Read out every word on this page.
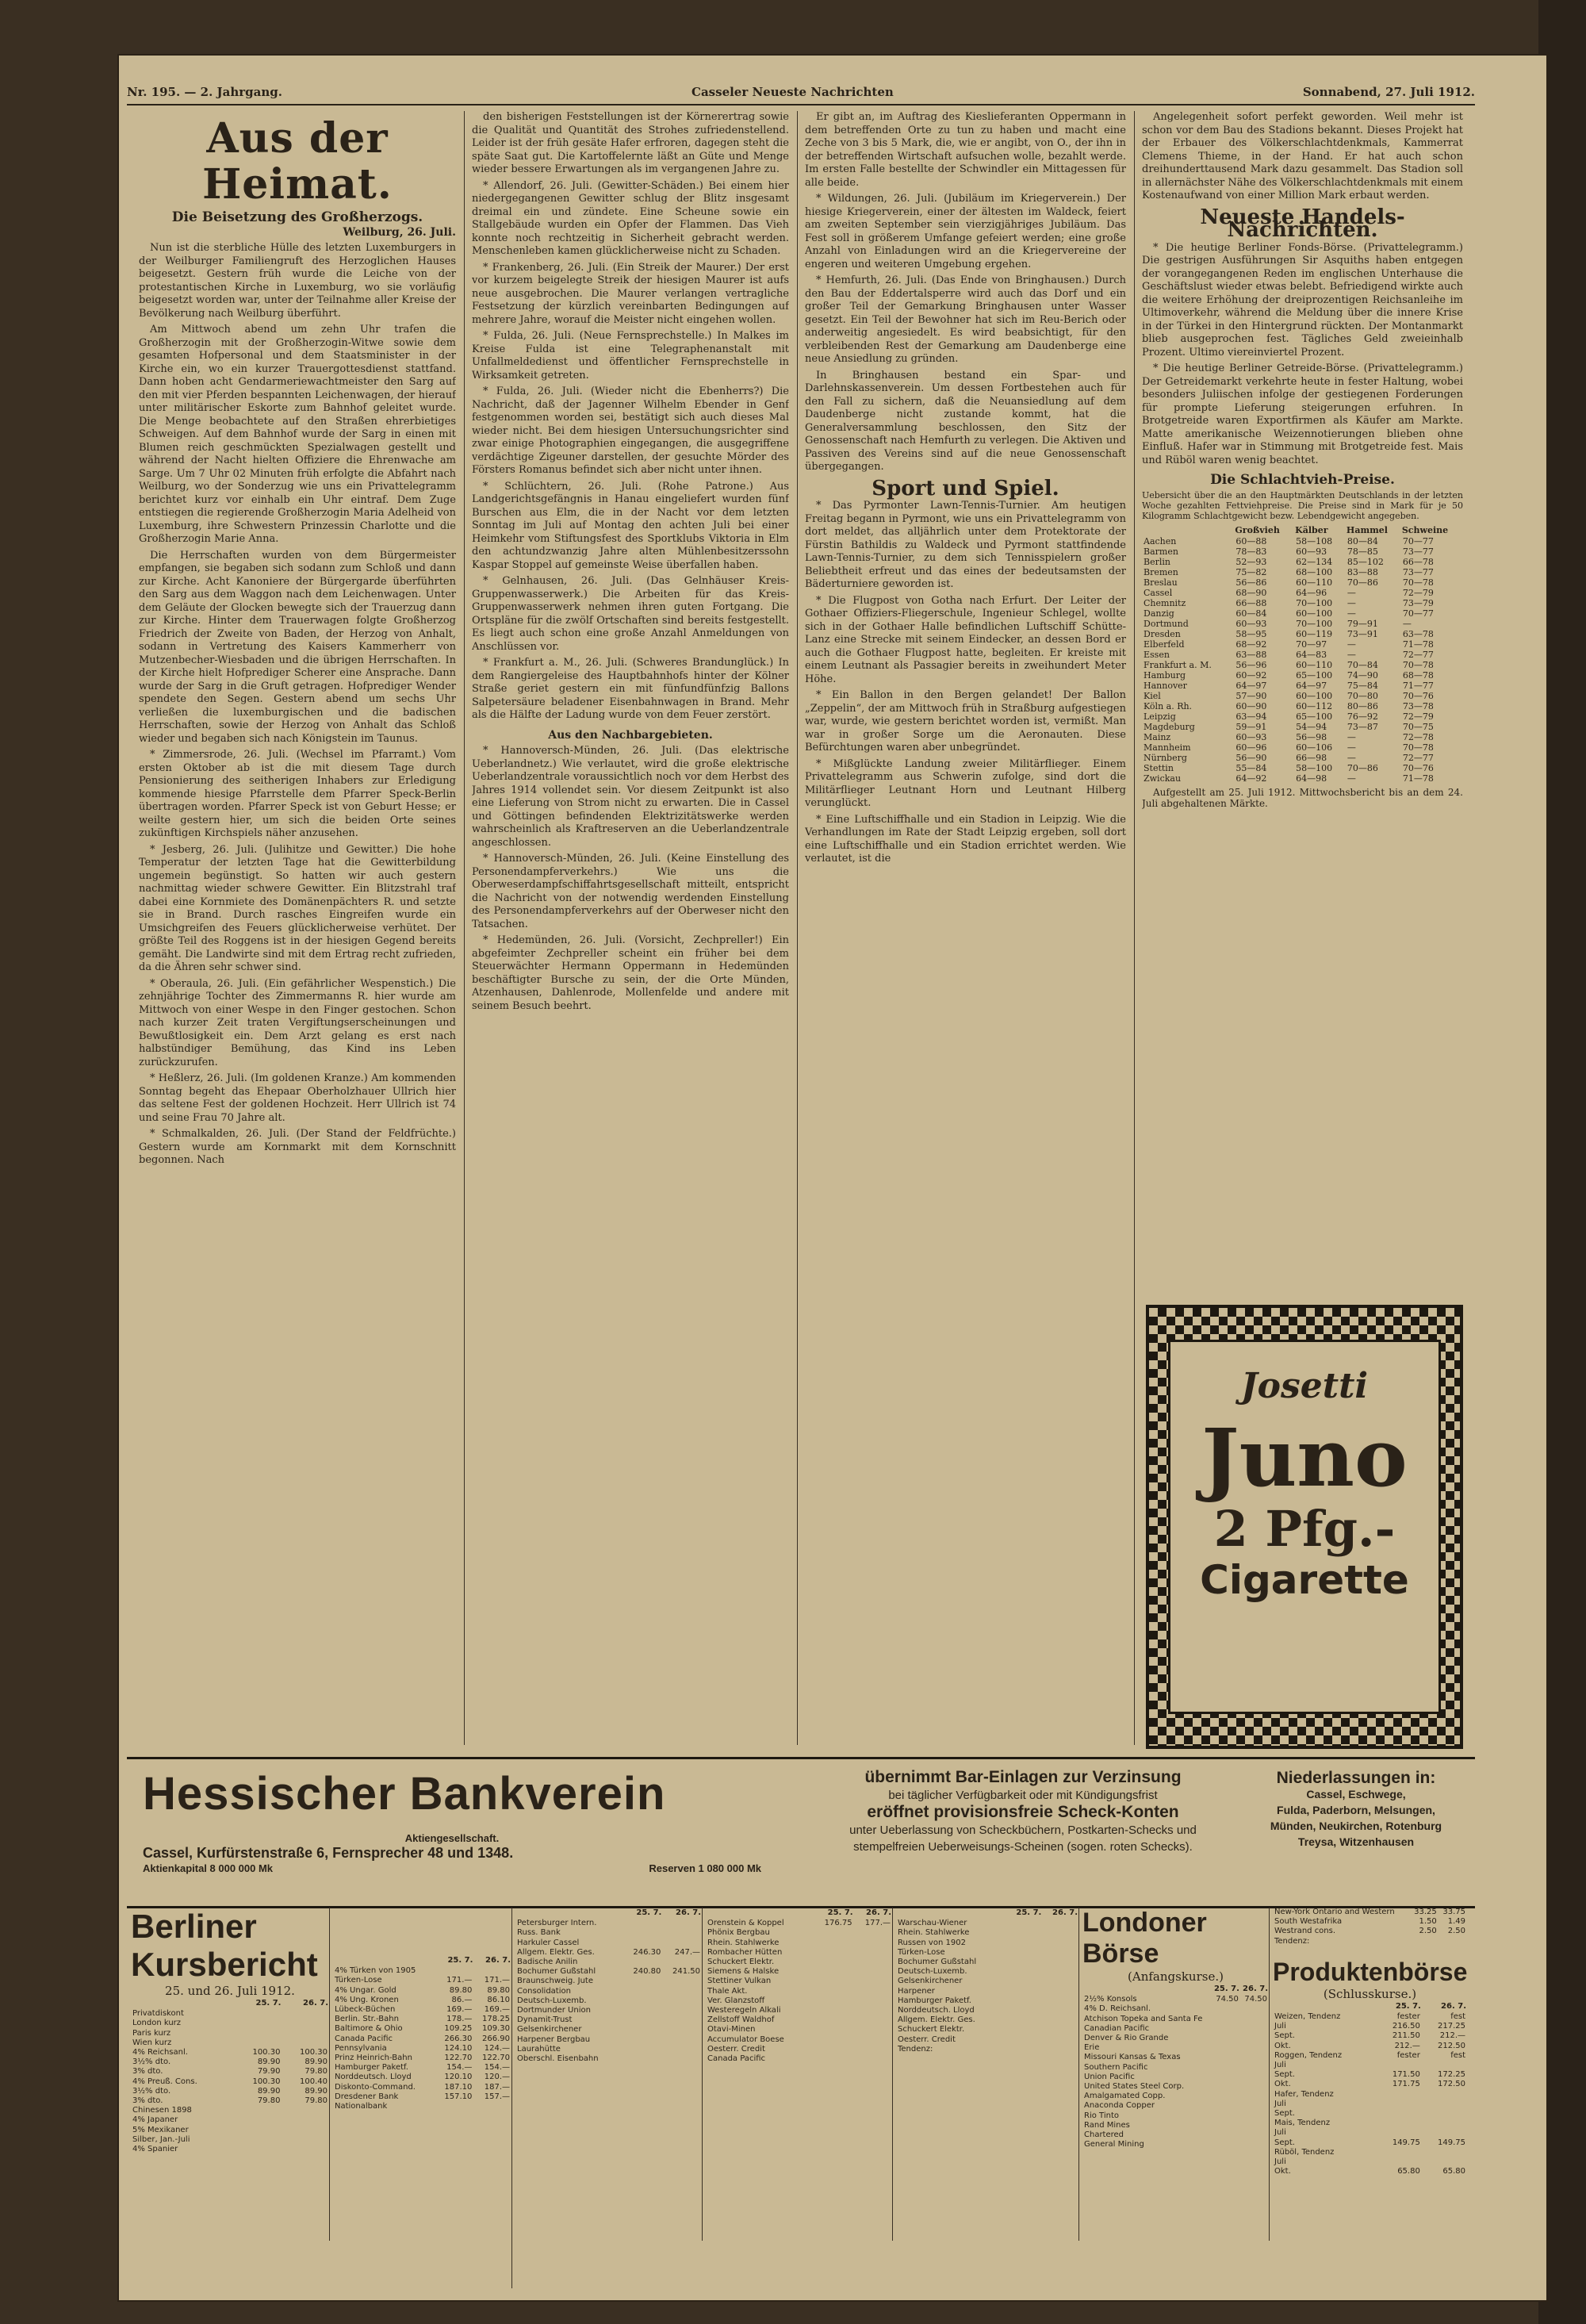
Nr. 195. — 2. Jahrgang.	Casseler Neueste Nachrichten	Sonnabend, 27. Juli 1912.
Aus der Heimat.
Die Beisetzung des Großherzogs.
Weilburg, 26. Juli.

Nun ist die sterbliche Hülle des letzten Luxemburgers in der Weilburger Familiengruft des Herzoglichen Hauses beigesetzt. Gestern früh wurde die Leiche von der protestantischen Kirche in Luxemburg, wo sie vorläufig beigesetzt worden war, unter der Teilnahme aller Kreise der Bevölkerung nach Weilburg überführt.

Am Mittwoch abend um zehn Uhr trafen die Großherzogin mit der Großherzogin-Witwe sowie dem gesamten Hofpersonal und dem Staatsminister in der Kirche ein, wo ein kurzer Trauergottesdienst stattfand. Dann hoben acht Gendarmeriewachtmeister den Sarg auf den mit vier Pferden bespannten Leichenwagen, der hierauf unter militärischer Eskorte zum Bahnhof geleitet wurde. Die Menge beobachtete auf den Straßen ehrerbietiges Schweigen. Auf dem Bahnhof wurde der Sarg in einen mit Blumen reich geschmückten Spezialwagen gestellt und während der Nacht hielten Offiziere die Ehrenwache am Sarge. Um 7 Uhr 02 Minuten früh erfolgte die Abfahrt nach Weilburg, wo der Sonderzug wie uns ein Privattelegramm berichtet kurz vor einhalb ein Uhr eintraf. Dem Zuge entstiegen die regierende Großherzogin Maria Adelheid von Luxemburg, ihre Schwestern Prinzessin Charlotte und die Großherzogin Marie Anna.

Die Herrschaften wurden von dem Bürgermeister empfangen, sie begaben sich sodann zum Schloß und dann zur Kirche. Acht Kanoniere der Bürgergarde überführten den Sarg aus dem Waggon nach dem Leichenwagen. Unter dem Geläute der Glocken bewegte sich der Trauerzug dann zur Kirche. Hinter dem Trauerwagen folgte Großherzog Friedrich der Zweite von Baden, der Herzog von Anhalt, sodann in Vertretung des Kaisers Kammerherr von Mutzenbecher-Wiesbaden und die übrigen Herrschaften. In der Kirche hielt Hofprediger Scherer eine Ansprache. Dann wurde der Sarg in die Gruft getragen. Hofprediger Wender spendete den Segen. Gestern abend um sechs Uhr verließen die luxemburgischen und die badischen Herrschaften, sowie der Herzog von Anhalt das Schloß wieder und begaben sich nach Königstein im Taunus.

* Zimmersrode, 26. Juli. (Wechsel im Pfarramt.) Vom ersten Oktober ab ist die mit diesem Tage durch Pensionierung des seitherigen Inhabers zur Erledigung kommende hiesige Pfarrstelle dem Pfarrer Speck-Berlin übertragen worden. Pfarrer Speck ist von Geburt Hesse; er weilte gestern hier, um sich die beiden Orte seines zukünftigen Kirchspiels näher anzusehen.

* Jesberg, 26. Juli. (Julihitze und Gewitter.) Die hohe Temperatur der letzten Tage hat die Gewitterbildung ungemein begünstigt. So hatten wir auch gestern nachmittag wieder schwere Gewitter. Ein Blitzstrahl traf dabei eine Kornmiete des Domänenpächters R. und setzte sie in Brand. Durch rasches Eingreifen wurde ein Umsichgreifen des Feuers glücklicherweise verhütet. Der größte Teil des Roggens ist in der hiesigen Gegend bereits gemäht. Die Landwirte sind mit dem Ertrag recht zufrieden, da die Ähren sehr schwer sind.

* Oberaula, 26. Juli. (Ein gefährlicher Wespenstich.) Die zehnjährige Tochter des Zimmermanns R. hier wurde am Mittwoch von einer Wespe in den Finger gestochen. Schon nach kurzer Zeit traten Vergiftungserscheinungen und Bewußtlosigkeit ein. Dem Arzt gelang es erst nach halbstündiger Bemühung, das Kind ins Leben zurückzurufen.

* Heßlerz, 26. Juli. (Im goldenen Kranze.) Am kommenden Sonntag begeht das Ehepaar Oberholzhauer Ullrich hier das seltene Fest der goldenen Hochzeit. Herr Ullrich ist 74 und seine Frau 70 Jahre alt.

* Schmalkalden, 26. Juli. (Der Stand der Feldfrüchte.) Gestern wurde am Kornmarkt mit dem Kornschnitt begonnen. Nach

den bisherigen Feststellungen ist der Körnerertrag sowie die Qualität und Quantität des Strohes zufriedenstellend. Leider ist der früh gesäte Hafer erfroren, dagegen steht die späte Saat gut. Die Kartoffelernte läßt an Güte und Menge wieder bessere Erwartungen als im vergangenen Jahre zu.

* Allendorf, 26. Juli. (Gewitter-Schäden.) Bei einem hier niedergegangenen Gewitter schlug der Blitz insgesamt dreimal ein und zündete. Eine Scheune sowie ein Stallgebäude wurden ein Opfer der Flammen. Das Vieh konnte noch rechtzeitig in Sicherheit gebracht werden. Menschenleben kamen glücklicherweise nicht zu Schaden.

* Frankenberg, 26. Juli. (Ein Streik der Maurer.) Der erst vor kurzem beigelegte Streik der hiesigen Maurer ist aufs neue ausgebrochen. Die Maurer verlangen vertragliche Festsetzung der kürzlich vereinbarten Bedingungen auf mehrere Jahre, worauf die Meister nicht eingehen wollen.

* Fulda, 26. Juli. (Neue Fernsprechstelle.) In Malkes im Kreise Fulda ist eine Telegraphenanstalt mit Unfallmeldedienst und öffentlicher Fernsprechstelle in Wirksamkeit getreten.

* Fulda, 26. Juli. (Wieder nicht die Ebenherrs?) Die Nachricht, daß der Jagenner Wilhelm Ebender in Genf festgenommen worden sei, bestätigt sich auch dieses Mal wieder nicht. Bei dem hiesigen Untersuchungsrichter sind zwar einige Photographien eingegangen, die ausgegriffene verdächtige Zigeuner darstellen, der gesuchte Mörder des Försters Romanus befindet sich aber nicht unter ihnen.

* Schlüchtern, 26. Juli. (Rohe Patrone.) Aus Landgerichtsgefängnis in Hanau eingeliefert wurden fünf Burschen aus Elm, die in der Nacht vor dem letzten Sonntag im Juli auf Montag den achten Juli bei einer Heimkehr vom Stiftungsfest des Sportklubs Viktoria in Elm den achtundzwanzig Jahre alten Mühlenbesitzerssohn Kaspar Stoppel auf gemeinste Weise überfallen haben.

* Gelnhausen, 26. Juli. (Das Gelnhäuser Kreis-Gruppenwasserwerk.) Die Arbeiten für das Kreis-Gruppenwasserwerk nehmen ihren guten Fortgang. Die Ortspläne für die zwölf Ortschaften sind bereits festgestellt. Es liegt auch schon eine große Anzahl Anmeldungen von Anschlüssen vor.

* Frankfurt a. M., 26. Juli. (Schweres Brandunglück.) In dem Rangiergeleise des Hauptbahnhofs hinter der Kölner Straße geriet gestern ein mit fünfundfünfzig Ballons Salpetersäure beladener Eisenbahnwagen in Brand. Mehr als die Hälfte der Ladung wurde von dem Feuer zerstört.

Aus den Nachbargebieten.

* Hannoversch-Münden, 26. Juli. (Das elektrische Ueberlandnetz.) Wie verlautet, wird die große elektrische Ueberlandzentrale voraussichtlich noch vor dem Herbst des Jahres 1914 vollendet sein. Vor diesem Zeitpunkt ist also eine Lieferung von Strom nicht zu erwarten. Die in Cassel und Göttingen befindenden Elektrizitätswerke werden wahrscheinlich als Kraftreserven an die Ueberlandzentrale angeschlossen.

* Hannoversch-Münden, 26. Juli. (Keine Einstellung des Personendampferverkehrs.) Wie uns die Oberweserdampfschiffahrtsgesellschaft mitteilt, entspricht die Nachricht von der notwendig werdenden Einstellung des Personendampferverkehrs auf der Oberweser nicht den Tatsachen.

* Hedemünden, 26. Juli. (Vorsicht, Zechpreller!) Ein abgefeimter Zechpreller scheint ein früher bei dem Steuerwächter Hermann Oppermann in Hedemünden beschäftigter Bursche zu sein, der die Orte Münden, Atzenhausen, Dahlenrode, Mollenfelde und andere mit seinem Besuch beehrt.

Er gibt an, im Auftrag des Kieslieferanten Oppermann in dem betreffenden Orte zu tun zu haben und macht eine Zeche von 3 bis 5 Mark, die, wie er angibt, von O., der ihn in der betreffenden Wirtschaft aufsuchen wolle, bezahlt werde. Im ersten Falle bestellte der Schwindler ein Mittagessen für alle beide.

* Wildungen, 26. Juli. (Jubiläum im Kriegerverein.) Der hiesige Kriegerverein, einer der ältesten im Waldeck, feiert am zweiten September sein vierzigjähriges Jubiläum. Das Fest soll in größerem Umfange gefeiert werden; eine große Anzahl von Einladungen wird an die Kriegervereine der engeren und weiteren Umgebung ergehen.

* Hemfurth, 26. Juli. (Das Ende von Bringhausen.) Durch den Bau der Eddertalsperre wird auch das Dorf und ein großer Teil der Gemarkung Bringhausen unter Wasser gesetzt. Ein Teil der Bewohner hat sich im Reu-Berich oder anderweitig angesiedelt. Es wird beabsichtigt, für den verbleibenden Rest der Gemarkung am Daudenberge eine neue Ansiedlung zu gründen.

In Bringhausen bestand ein Spar- und Darlehnskassenverein. Um dessen Fortbestehen auch für den Fall zu sichern, daß die Neuansiedlung auf dem Daudenberge nicht zustande kommt, hat die Generalversammlung beschlossen, den Sitz der Genossenschaft nach Hemfurth zu verlegen. Die Aktiven und Passiven des Vereins sind auf die neue Genossenschaft übergegangen.

Sport und Spiel.

* Das Pyrmonter Lawn-Tennis-Turnier. Am heutigen Freitag begann in Pyrmont, wie uns ein Privattelegramm von dort meldet, das alljährlich unter dem Protektorate der Fürstin Bathildis zu Waldeck und Pyrmont stattfindende Lawn-Tennis-Turnier, zu dem sich Tennisspielern großer Beliebtheit erfreut und das eines der bedeutsamsten der Bäderturniere geworden ist.

* Die Flugpost von Gotha nach Erfurt. Der Leiter der Gothaer Offiziers-Fliegerschule, Ingenieur Schlegel, wollte sich in der Gothaer Halle befindlichen Luftschiff Schütte-Lanz eine Strecke mit seinem Eindecker, an dessen Bord er auch die Gothaer Flugpost hatte, begleiten. Er kreiste mit einem Leutnant als Passagier bereits in zweihundert Meter Höhe.

* Ein Ballon in den Bergen gelandet! Der Ballon „Zeppelin“, der am Mittwoch früh in Straßburg aufgestiegen war, wurde, wie gestern berichtet worden ist, vermißt. Man war in großer Sorge um die Aeronauten. Diese Befürchtungen waren aber unbegründet.

* Mißglückte Landung zweier Militärflieger. Einem Privattelegramm aus Schwerin zufolge, sind dort die Militärflieger Leutnant Horn und Leutnant Hilberg verunglückt.

* Eine Luftschiffhalle und ein Stadion in Leipzig. Wie die Verhandlungen im Rate der Stadt Leipzig ergeben, soll dort eine Luftschiffhalle und ein Stadion errichtet werden. Wie verlautet, ist die

Angelegenheit sofort perfekt geworden. Weil mehr ist schon vor dem Bau des Stadions bekannt. Dieses Projekt hat der Erbauer des Völkerschlachtdenkmals, Kammerrat Clemens Thieme, in der Hand. Er hat auch schon dreihunderttausend Mark dazu gesammelt. Das Stadion soll in allernächster Nähe des Völkerschlachtdenkmals mit einem Kostenaufwand von einer Million Mark erbaut werden.

Neueste Handels-Nachrichten.

* Die heutige Berliner Fonds-Börse. (Privattelegramm.) Die gestrigen Ausführungen Sir Asquiths haben entgegen der vorangegangenen Reden im englischen Unterhause die Geschäftslust wieder etwas belebt. Befriedigend wirkte auch die weitere Erhöhung der dreiprozentigen Reichsanleihe im Ultimoverkehr, während die Meldung über die innere Krise in der Türkei in den Hintergrund rückten. Der Montanmarkt blieb ausgeprochen fest. Tägliches Geld zweieinhalb Prozent. Ultimo viereinviertel Prozent.

* Die heutige Berliner Getreide-Börse. (Privattelegramm.) Der Getreidemarkt verkehrte heute in fester Haltung, wobei besonders Juliischen infolge der gestiegenen Forderungen für prompte Lieferung steigerungen erfuhren. In Brotgetreide waren Exportfirmen als Käufer am Markte. Matte amerikanische Weizennotierungen blieben ohne Einfluß. Hafer war in Stimmung mit Brotgetreide fest. Mais und Rüböl waren wenig beachtet.

Die Schlachtvieh-Preise.

Uebersicht über die an den Hauptmärkten Deutschlands in der letzten Woche gezahlten Fettviehpreise. Die Preise sind in Mark für je 50 Kilogramm Schlachtgewicht bezw. Lebendgewicht angegeben.

	Großvieh	Kälber	Hammel	Schweine
Aachen	60—88	58—108	80—84	70—77
Barmen	78—83	60—93	78—85	73—77
Berlin	52—93	62—134	85—102	66—78
Bremen	75—82	68—100	83—88	73—77
Breslau	56—86	60—110	70—86	70—78
Cassel	68—90	64—96	—	72—79
Chemnitz	66—88	70—100	—	73—79
Danzig	60—84	60—100	—	70—77
Dortmund	60—93	70—100	79—91	—
Dresden	58—95	60—119	73—91	63—78
Elberfeld	68—92	70—97	—	71—78
Essen	63—88	64—83	—	72—77
Frankfurt a. M.	56—96	60—110	70—84	70—78
Hamburg	60—92	65—100	74—90	68—78
Hannover	64—97	64—97	75—84	71—77
Kiel	57—90	60—100	70—80	70—76
Köln a. Rh.	60—90	60—112	80—86	73—78
Leipzig	63—94	65—100	76—92	72—79
Magdeburg	59—91	54—94	73—87	70—75
Mainz	60—93	56—98	—	72—78
Mannheim	60—96	60—106	—	70—78
Nürnberg	56—90	66—98	—	72—77
Stettin	55—84	58—100	70—86	70—76
Zwickau	64—92	64—98	—	71—78

Aufgestellt am 25. Juli 1912. Mittwochsbericht bis an dem 24. Juli abgehaltenen Märkte.

Josetti
Juno
2 Pfg.-
Cigarette
Hessischer Bankverein
Aktiengesellschaft.
Cassel, Kurfürstenstraße 6, Fernsprecher 48 und 1348.
Aktienkapital 8 000 000 Mk	Reserven 1 080 000 Mk
übernimmt Bar-Einlagen zur Verzinsung
bei täglicher Verfügbarkeit oder mit Kündigungsfrist
eröffnet provisionsfreie Scheck-Konten
unter Ueberlassung von Scheckbüchern, Postkarten-Schecks und
stempelfreien Ueberweisungs-Scheinen (sogen. roten Schecks).
Niederlassungen in:
Cassel, Eschwege,
Fulda, Paderborn, Melsungen,
Münden, Neukirchen, Rotenburg
Treysa, Witzenhausen
Berliner Kursbericht
25. und 26. Juli 1912.
	25. 7.	26. 7.
Privatdiskont		
London kurz		
Paris kurz		
Wien kurz		
4% Reichsanl.	100.30	100.30
3½% dto.	89.90	89.90
3% dto.	79.90	79.80
4% Preuß. Cons.	100.30	100.40
3½% dto.	89.90	89.90
3% dto.	79.80	79.80
Chinesen 1898		
4% Japaner		
5% Mexikaner		
Silber, Jan.-Juli		
4% Spanier		
	25. 7.	26. 7.
4% Türken von 1905		
Türken-Lose	171.—	171.—
4% Ungar. Gold	89.80	89.80
4% Ung. Kronen	86.—	86.10
Lübeck-Büchen	169.—	169.—
Berlin. Str.-Bahn	178.—	178.25
Baltimore & Ohio	109.25	109.30
Canada Pacific	266.30	266.90
Pennsylvania	124.10	124.—
Prinz Heinrich-Bahn	122.70	122.70
Hamburger Paketf.	154.—	154.—
Norddeutsch. Lloyd	120.10	120.—
Diskonto-Command.	187.10	187.—
Dresdener Bank	157.10	157.—
Nationalbank		
	25. 7.	26. 7.
Petersburger Intern.		
Russ. Bank		
Harkuler Cassel		
Allgem. Elektr. Ges.	246.30	247.—
Badische Anilin		
Bochumer Gußstahl	240.80	241.50
Braunschweig. Jute		
Consolidation		
Deutsch-Luxemb.		
Dortmunder Union		
Dynamit-Trust		
Gelsenkirchener		
Harpener Bergbau		
Laurahütte		
Oberschl. Eisenbahn		
	25. 7.	26. 7.
Orenstein & Koppel	176.75	177.—
Phönix Bergbau		
Rhein. Stahlwerke		
Rombacher Hütten		
Schuckert Elektr.		
Siemens & Halske		
Stettiner Vulkan		
Thale Akt.		
Ver. Glanzstoff		
Westeregeln Alkali		
Zellstoff Waldhof		
Otavi-Minen		
Accumulator Boese		
Oesterr. Credit		
Canada Pacific		
	25. 7.	26. 7.
Warschau-Wiener		
Rhein. Stahlwerke		
Russen von 1902		
Türken-Lose		
Bochumer Gußstahl		
Deutsch-Luxemb.		
Gelsenkirchener		
Harpener		
Hamburger Paketf.		
Norddeutsch. Lloyd		
Allgem. Elektr. Ges.		
Schuckert Elektr.		
Oesterr. Credit		
Tendenz:		
Londoner Börse
(Anfangskurse.)
	25. 7.	26. 7.
2½% Konsols	74.50	74.50
4% D. Reichsanl.		
Atchison Topeka and Santa Fe		
Canadian Pacific		
Denver & Rio Grande		
Erie		
Missouri Kansas & Texas		
Southern Pacific		
Union Pacific		
United States Steel Corp.		
Amalgamated Copp.		
Anaconda Copper		
Rio Tinto		
Rand Mines		
Chartered		
General Mining		
New-York Ontario and Western	33.25	33.75
South Westafrika	1.50	1.49
Westrand cons.	2.50	2.50
Tendenz:		
Produktenbörse
(Schlusskurse.)
	25. 7.	26. 7.
Weizen, Tendenz	fester	fest
Juli	216.50	217.25
Sept.	211.50	212.—
Okt.	212.—	212.50
Roggen, Tendenz	fester	fest
Juli		
Sept.	171.50	172.25
Okt.	171.75	172.50
Hafer, Tendenz		
Juli		
Sept.		
Mais, Tendenz		
Juli		
Sept.	149.75	149.75
Rüböl, Tendenz		
Juli		
Okt.	65.80	65.80
